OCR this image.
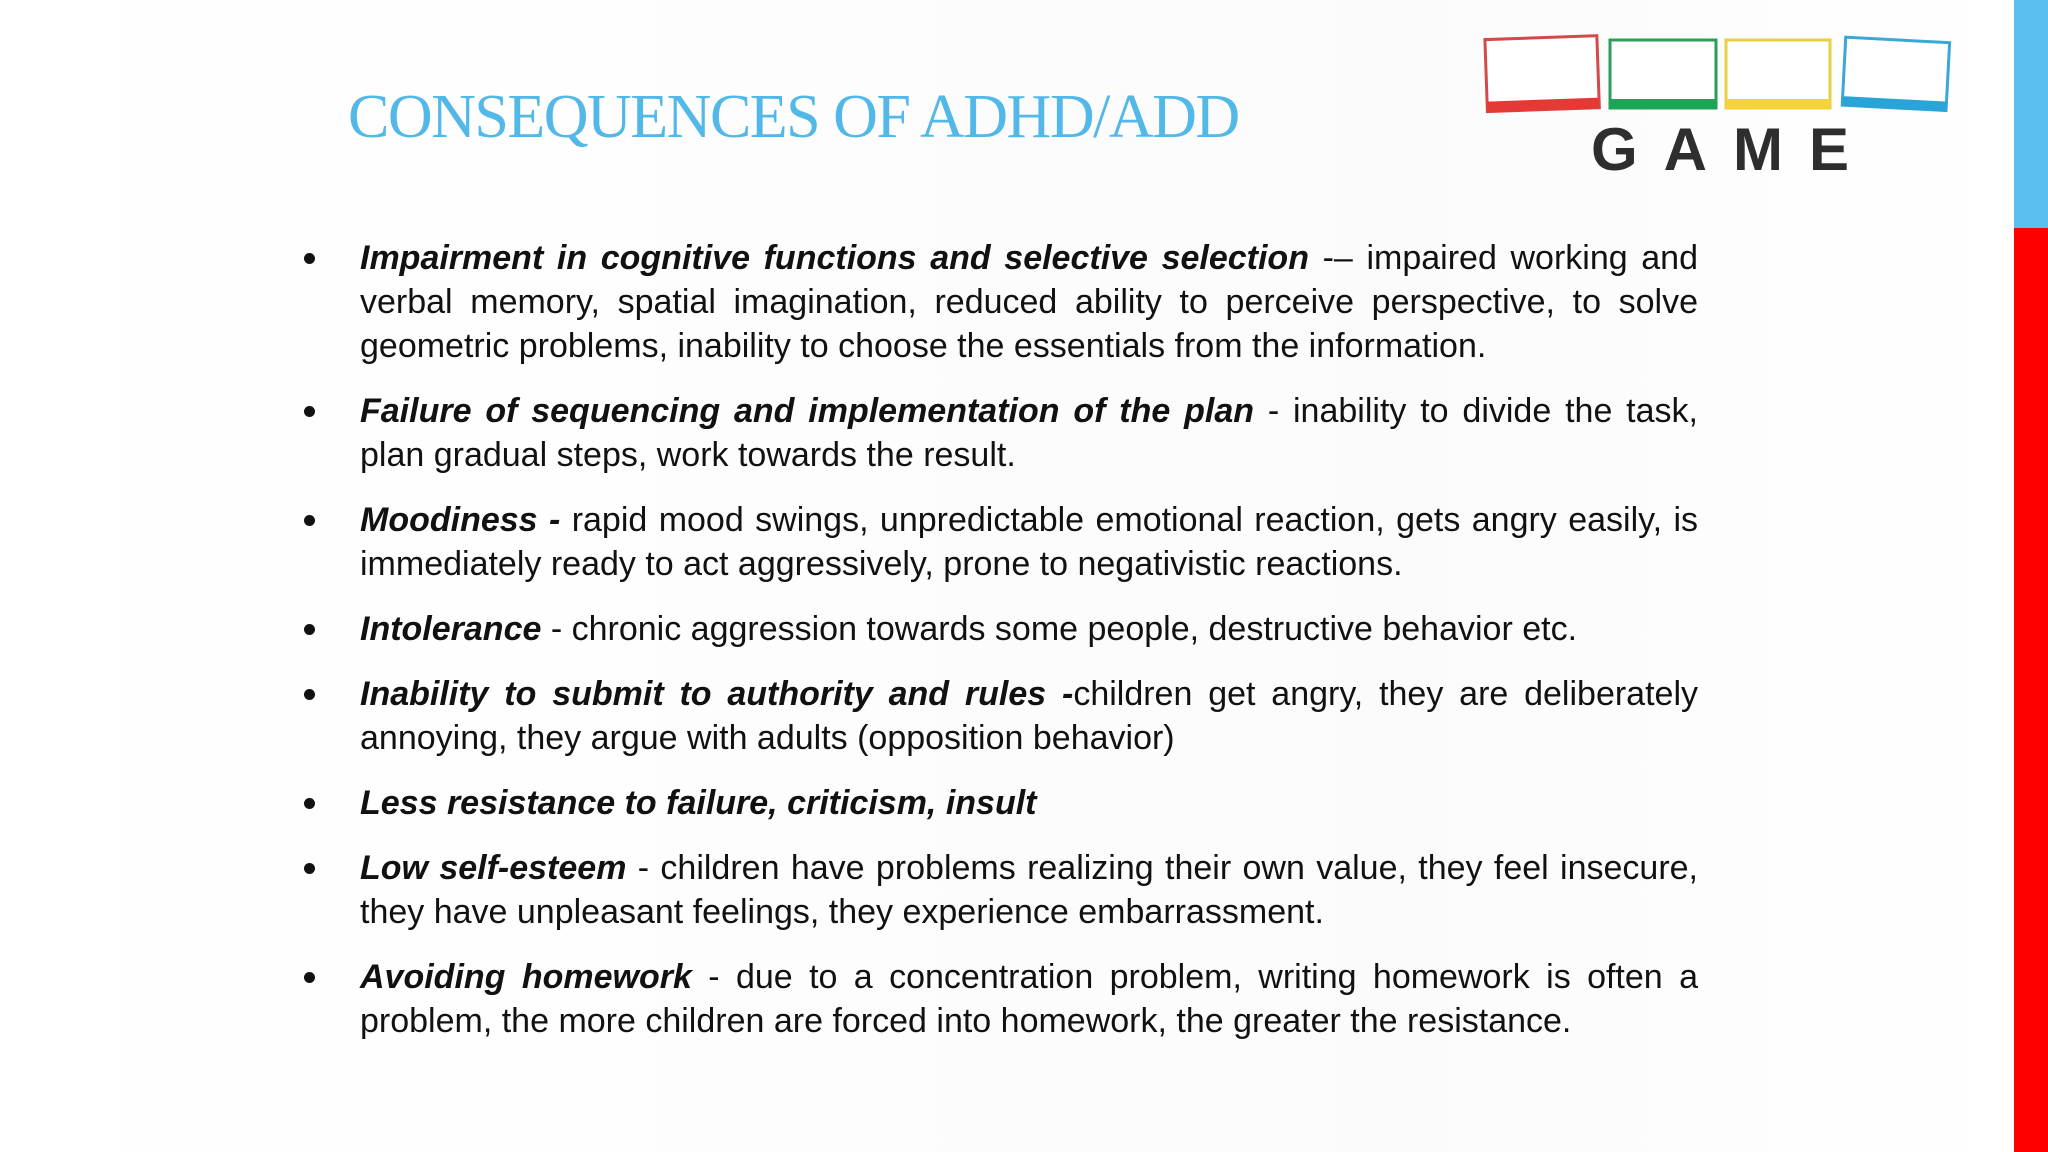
CONSEQUENCES OF ADHD/ADD	GAME
Impairment in cognitive functions and selective selection -– impaired working and verbal memory, spatial imagination, reduced ability to perceive perspective, to solve geometric problems, inability to choose the essentials from the information.
Failure of sequencing and implementation of the plan - inability to divide the task, plan gradual steps, work towards the result.
Moodiness - rapid mood swings, unpredictable emotional reaction, gets angry easily, is immediately ready to act aggressively, prone to negativistic reactions.
Intolerance - chronic aggression towards some people, destructive behavior etc.
Inability to submit to authority and rules -children get angry, they are deliberately annoying, they argue with adults (opposition behavior)
Less resistance to failure, criticism, insult
Low self-esteem - children have problems realizing their own value, they feel insecure, they have unpleasant feelings, they experience embarrassment.
Avoiding homework - due to a concentration problem, writing homework is often a problem, the more children are forced into homework, the greater the resistance.
